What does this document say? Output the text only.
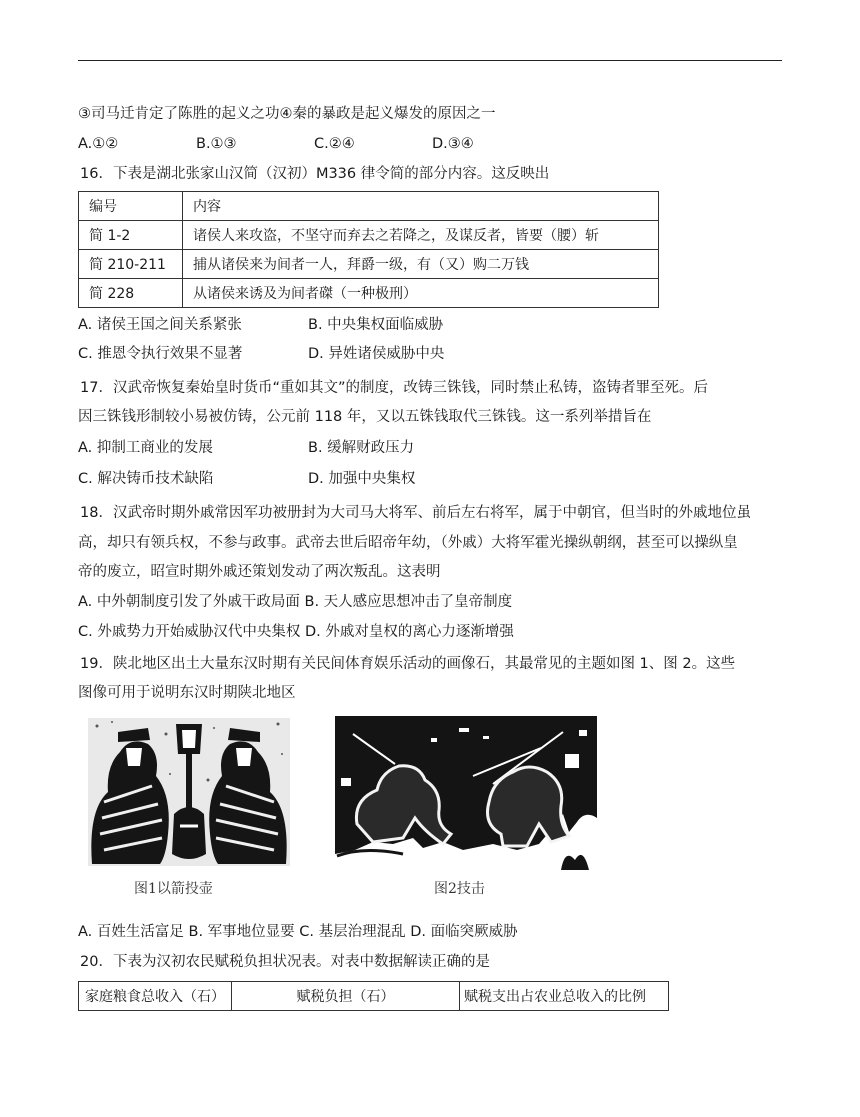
③司马迁肯定了陈胜的起义之功④秦的暴政是起义爆发的原因之一
A.①②	B.①③	C.②④	D.③④
16．下表是湖北张家山汉简（汉初）M336 律令简的部分内容。这反映出
编号	内容
简 1-2	诸侯人来攻盗，不坚守而弃去之若降之，及谋反者，皆要（腰）斩
简 210-211	捕从诸侯来为间者一人，拜爵一级，有（又）购二万钱
简 228	从诸侯来诱及为间者磔（一种极刑）
A. 诸侯王国之间关系紧张	B. 中央集权面临威胁
C. 推恩令执行效果不显著	D. 异姓诸侯威胁中央
17．汉武帝恢复秦始皇时货币“重如其文”的制度，改铸三铢钱，同时禁止私铸，盗铸者罪至死。后
因三铢钱形制较小易被仿铸，公元前 118 年，又以五铢钱取代三铢钱。这一系列举措旨在
A. 抑制工商业的发展	B. 缓解财政压力
C. 解决铸币技术缺陷	D. 加强中央集权
18．汉武帝时期外戚常因军功被册封为大司马大将军、前后左右将军，属于中朝官，但当时的外戚地位虽
高，却只有领兵权，不参与政事。武帝去世后昭帝年幼，（外戚）大将军霍光操纵朝纲，甚至可以操纵皇
帝的废立，昭宣时期外戚还策划发动了两次叛乱。这表明
A. 中外朝制度引发了外戚干政局面 B. 天人感应思想冲击了皇帝制度
C. 外戚势力开始威胁汉代中央集权 D. 外戚对皇权的离心力逐渐增强
19．陕北地区出土大量东汉时期有关民间体育娱乐活动的画像石，其最常见的主题如图 1、图 2。这些
图像可用于说明东汉时期陕北地区
图1以箭投壶	图2技击
A. 百姓生活富足 B. 军事地位显要 C. 基层治理混乱 D. 面临突厥威胁
20．下表为汉初农民赋税负担状况表。对表中数据解读正确的是
家庭粮食总收入（石）	赋税负担（石）	赋税支出占农业总收入的比例
